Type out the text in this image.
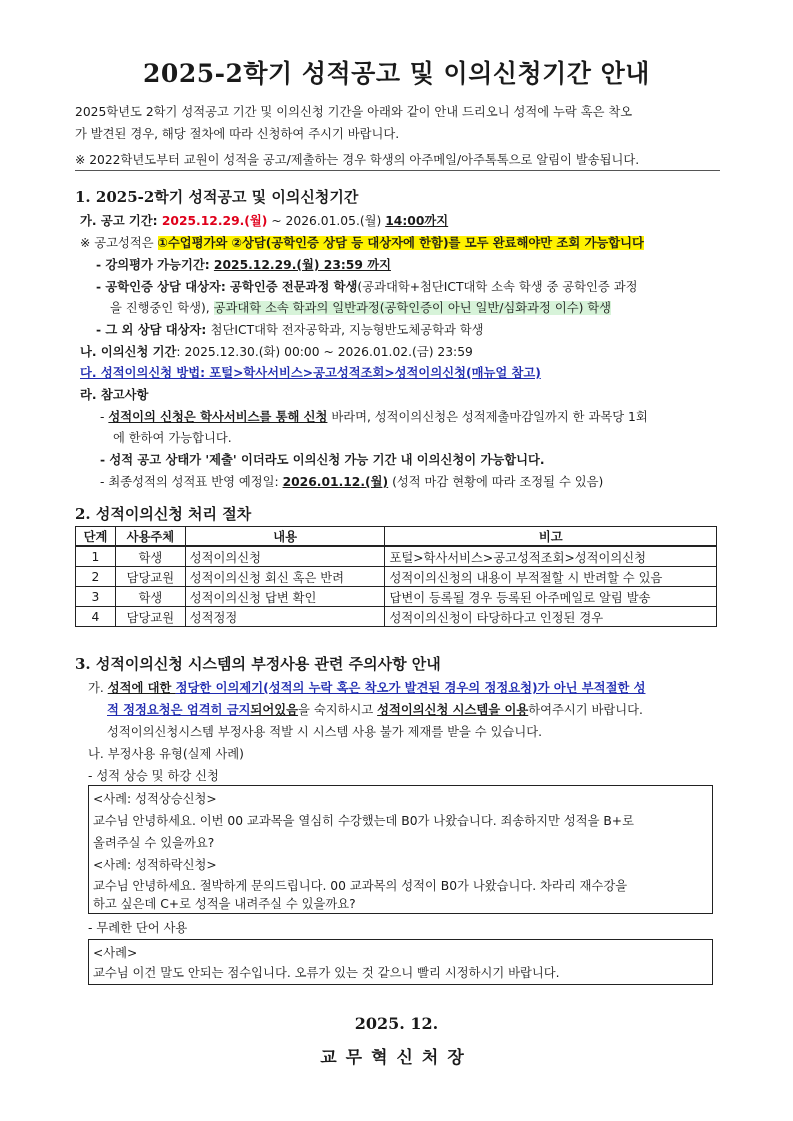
2025-2학기 성적공고 및 이의신청기간 안내
2025학년도 2학기 성적공고 기간 및 이의신청 기간을 아래와 같이 안내 드리오니 성적에 누락 혹은 착오
가 발견된 경우, 해당 절차에 따라 신청하여 주시기 바랍니다.
※ 2022학년도부터 교원이 성적을 공고/제출하는 경우 학생의 아주메일/아주톡톡으로 알림이 발송됩니다.
1. 2025-2학기 성적공고 및 이의신청기간
가. 공고 기간: 2025.12.29.(월) ~ 2026.01.05.(월) 14:00까지
※ 공고성적은 ①수업평가와 ②상담(공학인증 상담 등 대상자에 한함)를 모두 완료해야만 조회 가능합니다
- 강의평가 가능기간: 2025.12.29.(월) 23:59 까지
- 공학인증 상담 대상자: 공학인증 전문과정 학생(공과대학+첨단ICT대학 소속 학생 중 공학인증 과정
을 진행중인 학생), 공과대학 소속 학과의 일반과정(공학인증이 아닌 일반/심화과정 이수) 학생
- 그 외 상담 대상자: 첨단ICT대학 전자공학과, 지능형반도체공학과 학생
나. 이의신청 기간: 2025.12.30.(화) 00:00 ~ 2026.01.02.(금) 23:59
다. 성적이의신청 방법: 포털>학사서비스>공고성적조회>성적이의신청(매뉴얼 참고)
라. 참고사항
- 성적이의 신청은 학사서비스를 통해 신청 바라며, 성적이의신청은 성적제출마감일까지 한 과목당 1회
에 한하여 가능합니다.
- 성적 공고 상태가 '제출' 이더라도 이의신청 가능 기간 내 이의신청이 가능합니다.
- 최종성적의 성적표 반영 예정일: 2026.01.12.(월) (성적 마감 현황에 따라 조정될 수 있음)
2. 성적이의신청 처리 절차
단계	사용주체	내용	비고
1	학생	성적이의신청	포털>학사서비스>공고성적조회>성적이의신청
2	담당교원	성적이의신청 회신 혹은 반려	성적이의신청의 내용이 부적절할 시 반려할 수 있음
3	학생	성적이의신청 답변 확인	답변이 등록될 경우 등록된 아주메일로 알림 발송
4	담당교원	성적정정	성적이의신청이 타당하다고 인정된 경우
3. 성적이의신청 시스템의 부정사용 관련 주의사항 안내
가. 성적에 대한 정당한 이의제기(성적의 누락 혹은 착오가 발견된 경우의 정정요청)가 아닌 부적절한 성
적 정정요청은 엄격히 금지되어있음을 숙지하시고 성적이의신청 시스템을 이용하여주시기 바랍니다.
성적이의신청시스템 부정사용 적발 시 시스템 사용 불가 제재를 받을 수 있습니다.
나. 부정사용 유형(실제 사례)
- 성적 상승 및 하강 신청
<사례: 성적상승신청>
교수님 안녕하세요. 이번 00 교과목을 열심히 수강했는데 B0가 나왔습니다. 죄송하지만 성적을 B+로
올려주실 수 있을까요?
<사례: 성적하락신청>
교수님 안녕하세요. 절박하게 문의드립니다. 00 교과목의 성적이 B0가 나왔습니다. 차라리 재수강을
하고 싶은데 C+로 성적을 내려주실 수 있을까요?
- 무례한 단어 사용
<사례>
교수님 이건 말도 안되는 점수입니다. 오류가 있는 것 같으니 빨리 시정하시기 바랍니다.
2025. 12.
교무혁신처장
